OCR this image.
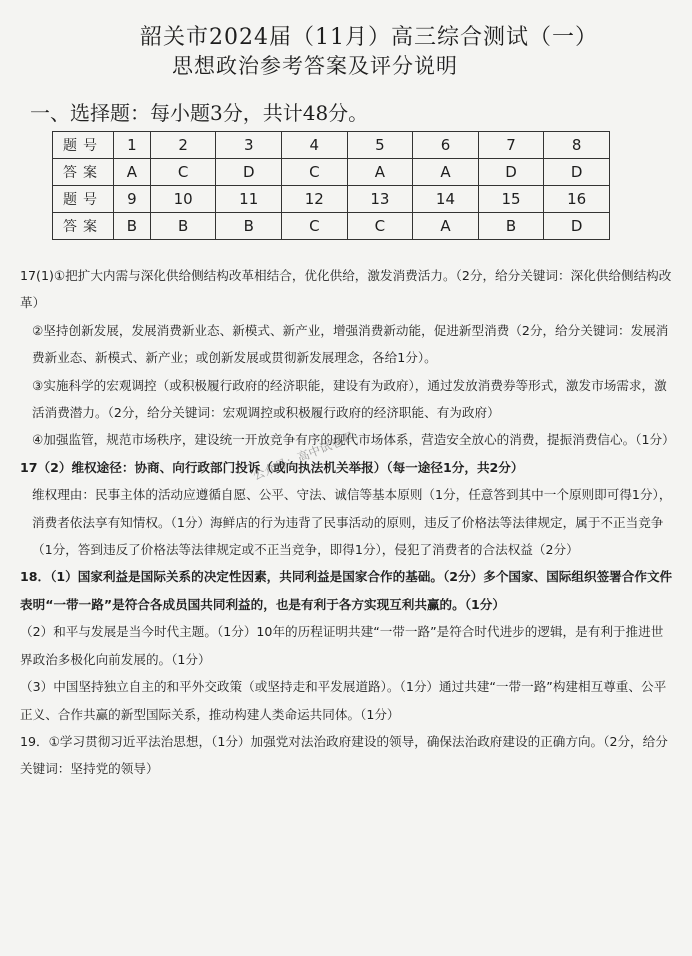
韶关市2024届（11月）高三综合测试（一）
思想政治参考答案及评分说明
一、选择题：每小题3分，共计48分。
题号	1	2	3	4	5	6	7	8
答案	A	C	D	C	A	A	D	D
题号	9	10	11	12	13	14	15	16
答案	B	B	B	C	C	A	B	D
公众号：高中试卷君

17(1)①把扩大内需与深化供给侧结构改革相结合，优化供给，激发消费活力。（2分，给分关键词：深化供给侧结构改革）

②坚持创新发展，发展消费新业态、新模式、新产业，增强消费新动能，促进新型消费（2分，给分关键词：发展消费新业态、新模式、新产业；或创新发展或贯彻新发展理念，各给1分）。

③实施科学的宏观调控（或积极履行政府的经济职能，建设有为政府），通过发放消费券等形式，激发市场需求，激活消费潜力。（2分，给分关键词：宏观调控或积极履行政府的经济职能、有为政府）

④加强监管，规范市场秩序，建设统一开放竞争有序的现代市场体系，营造安全放心的消费，提振消费信心。（1分）

17（2）维权途径：协商、向行政部门投诉（或向执法机关举报）（每一途径1分，共2分）

维权理由：民事主体的活动应遵循自愿、公平、守法、诚信等基本原则（1分，任意答到其中一个原则即可得1分），消费者依法享有知情权。（1分）海鲜店的行为违背了民事活动的原则，违反了价格法等法律规定，属于不正当竞争（1分，答到违反了价格法等法律规定或不正当竞争，即得1分），侵犯了消费者的合法权益（2分）

18．（1）国家利益是国际关系的决定性因素，共同利益是国家合作的基础。（2分）多个国家、国际组织签署合作文件表明“一带一路”是符合各成员国共同利益的，也是有利于各方实现互利共赢的。（1分）

（2）和平与发展是当今时代主题。（1分）10年的历程证明共建“一带一路”是符合时代进步的逻辑，是有利于推进世界政治多极化向前发展的。（1分）

（3）中国坚持独立自主的和平外交政策（或坚持走和平发展道路）。（1分）通过共建“一带一路”构建相互尊重、公平正义、合作共赢的新型国际关系，推动构建人类命运共同体。（1分）

19．①学习贯彻习近平法治思想，（1分）加强党对法治政府建设的领导，确保法治政府建设的正确方向。（2分，给分关键词：坚持党的领导）
